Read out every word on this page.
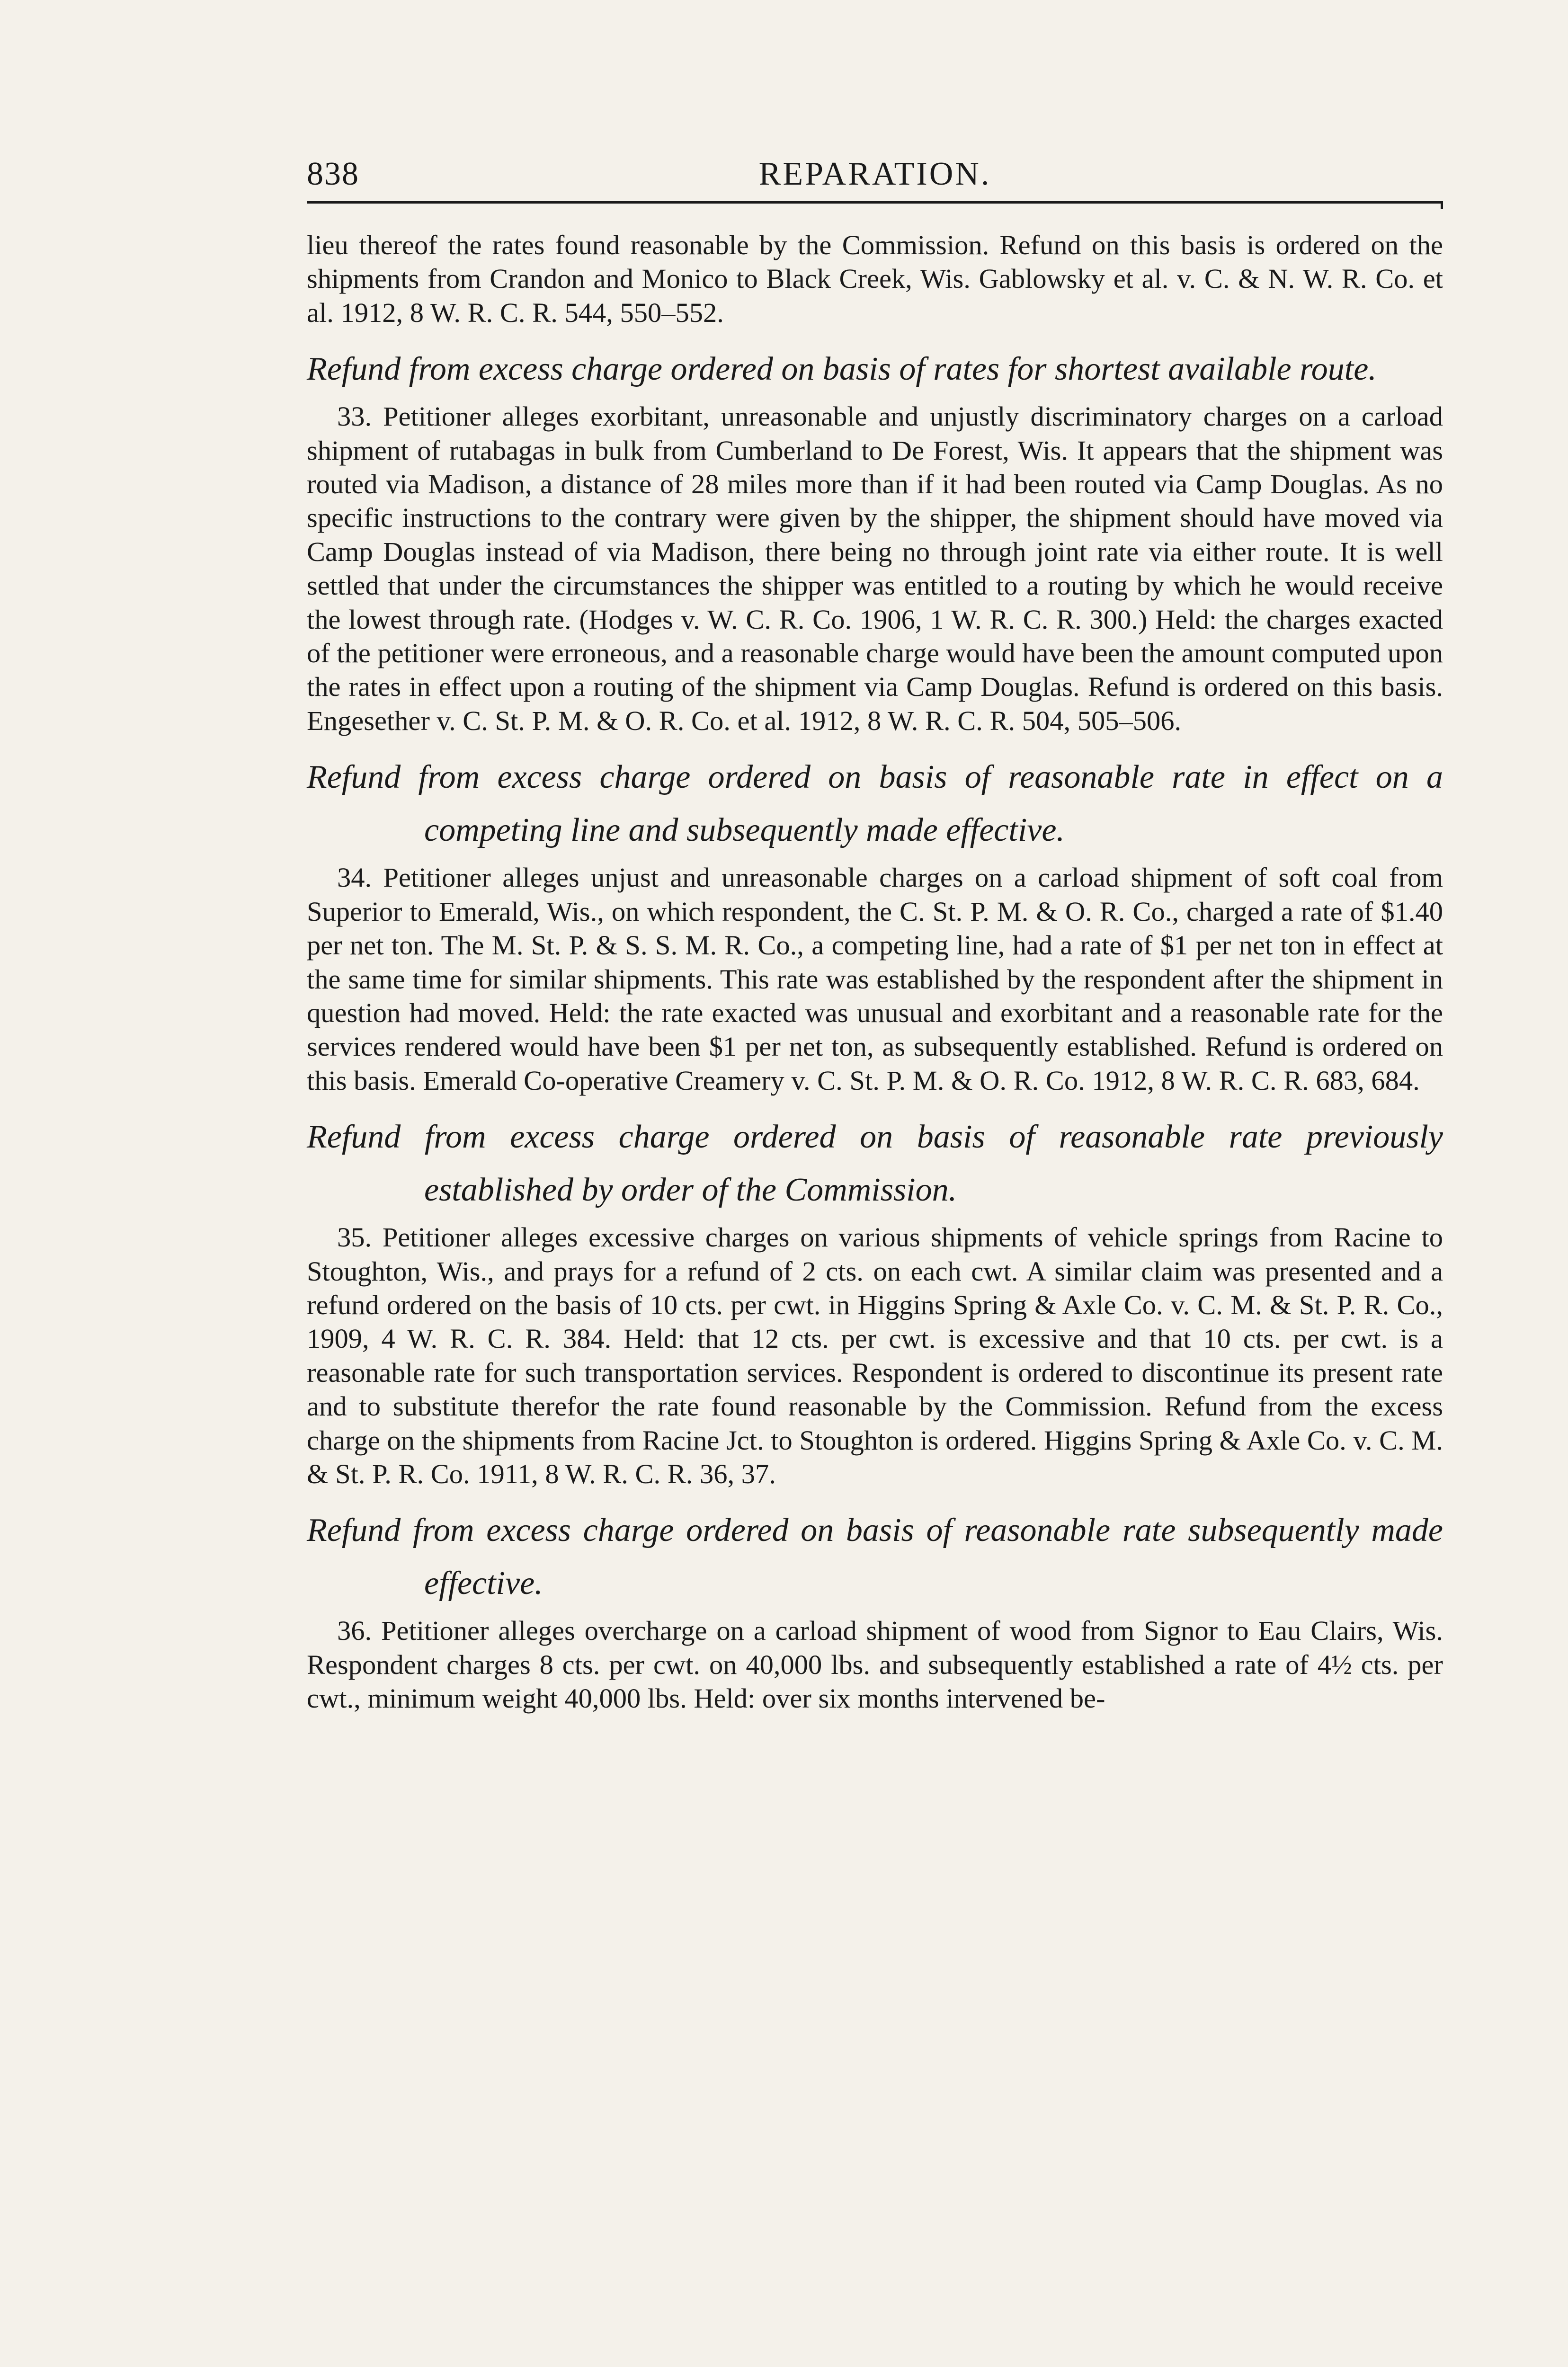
838	REPARATION.

lieu thereof the rates found reasonable by the Commission. Refund on this basis is ordered on the shipments from Crandon and Monico to Black Creek, Wis. Gablowsky et al. v. C. & N. W. R. Co. et al. 1912, 8 W. R. C. R. 544, 550–552.

Refund from excess charge ordered on basis of rates for shortest available route.

33. Petitioner alleges exorbitant, unreasonable and unjustly discriminatory charges on a carload shipment of rutabagas in bulk from Cumberland to De Forest, Wis. It appears that the shipment was routed via Madison, a distance of 28 miles more than if it had been routed via Camp Douglas. As no specific instructions to the contrary were given by the shipper, the shipment should have moved via Camp Douglas instead of via Madison, there being no through joint rate via either route. It is well settled that under the circumstances the shipper was entitled to a routing by which he would receive the lowest through rate. (Hodges v. W. C. R. Co. 1906, 1 W. R. C. R. 300.) Held: the charges exacted of the petitioner were erroneous, and a reasonable charge would have been the amount computed upon the rates in effect upon a routing of the shipment via Camp Douglas. Refund is ordered on this basis. Engesether v. C. St. P. M. & O. R. Co. et al. 1912, 8 W. R. C. R. 504, 505–506.

Refund from excess charge ordered on basis of reasonable rate in effect on a competing line and subsequently made effective.

34. Petitioner alleges unjust and unreasonable charges on a carload shipment of soft coal from Superior to Emerald, Wis., on which respondent, the C. St. P. M. & O. R. Co., charged a rate of $1.40 per net ton. The M. St. P. & S. S. M. R. Co., a competing line, had a rate of $1 per net ton in effect at the same time for similar shipments. This rate was established by the respondent after the shipment in question had moved. Held: the rate exacted was unusual and exorbitant and a reasonable rate for the services rendered would have been $1 per net ton, as subsequently established. Refund is ordered on this basis. Emerald Co-operative Creamery v. C. St. P. M. & O. R. Co. 1912, 8 W. R. C. R. 683, 684.

Refund from excess charge ordered on basis of reasonable rate previously established by order of the Commission.

35. Petitioner alleges excessive charges on various shipments of vehicle springs from Racine to Stoughton, Wis., and prays for a refund of 2 cts. on each cwt. A similar claim was presented and a refund ordered on the basis of 10 cts. per cwt. in Higgins Spring & Axle Co. v. C. M. & St. P. R. Co., 1909, 4 W. R. C. R. 384. Held: that 12 cts. per cwt. is excessive and that 10 cts. per cwt. is a reasonable rate for such transportation services. Respondent is ordered to discontinue its present rate and to substitute therefor the rate found reasonable by the Commission. Refund from the excess charge on the shipments from Racine Jct. to Stoughton is ordered. Higgins Spring & Axle Co. v. C. M. & St. P. R. Co. 1911, 8 W. R. C. R. 36, 37.

Refund from excess charge ordered on basis of reasonable rate subsequently made effective.

36. Petitioner alleges overcharge on a carload shipment of wood from Signor to Eau Clairs, Wis. Respondent charges 8 cts. per cwt. on 40,000 lbs. and subsequently established a rate of 4½ cts. per cwt., minimum weight 40,000 lbs. Held: over six months intervened be-
